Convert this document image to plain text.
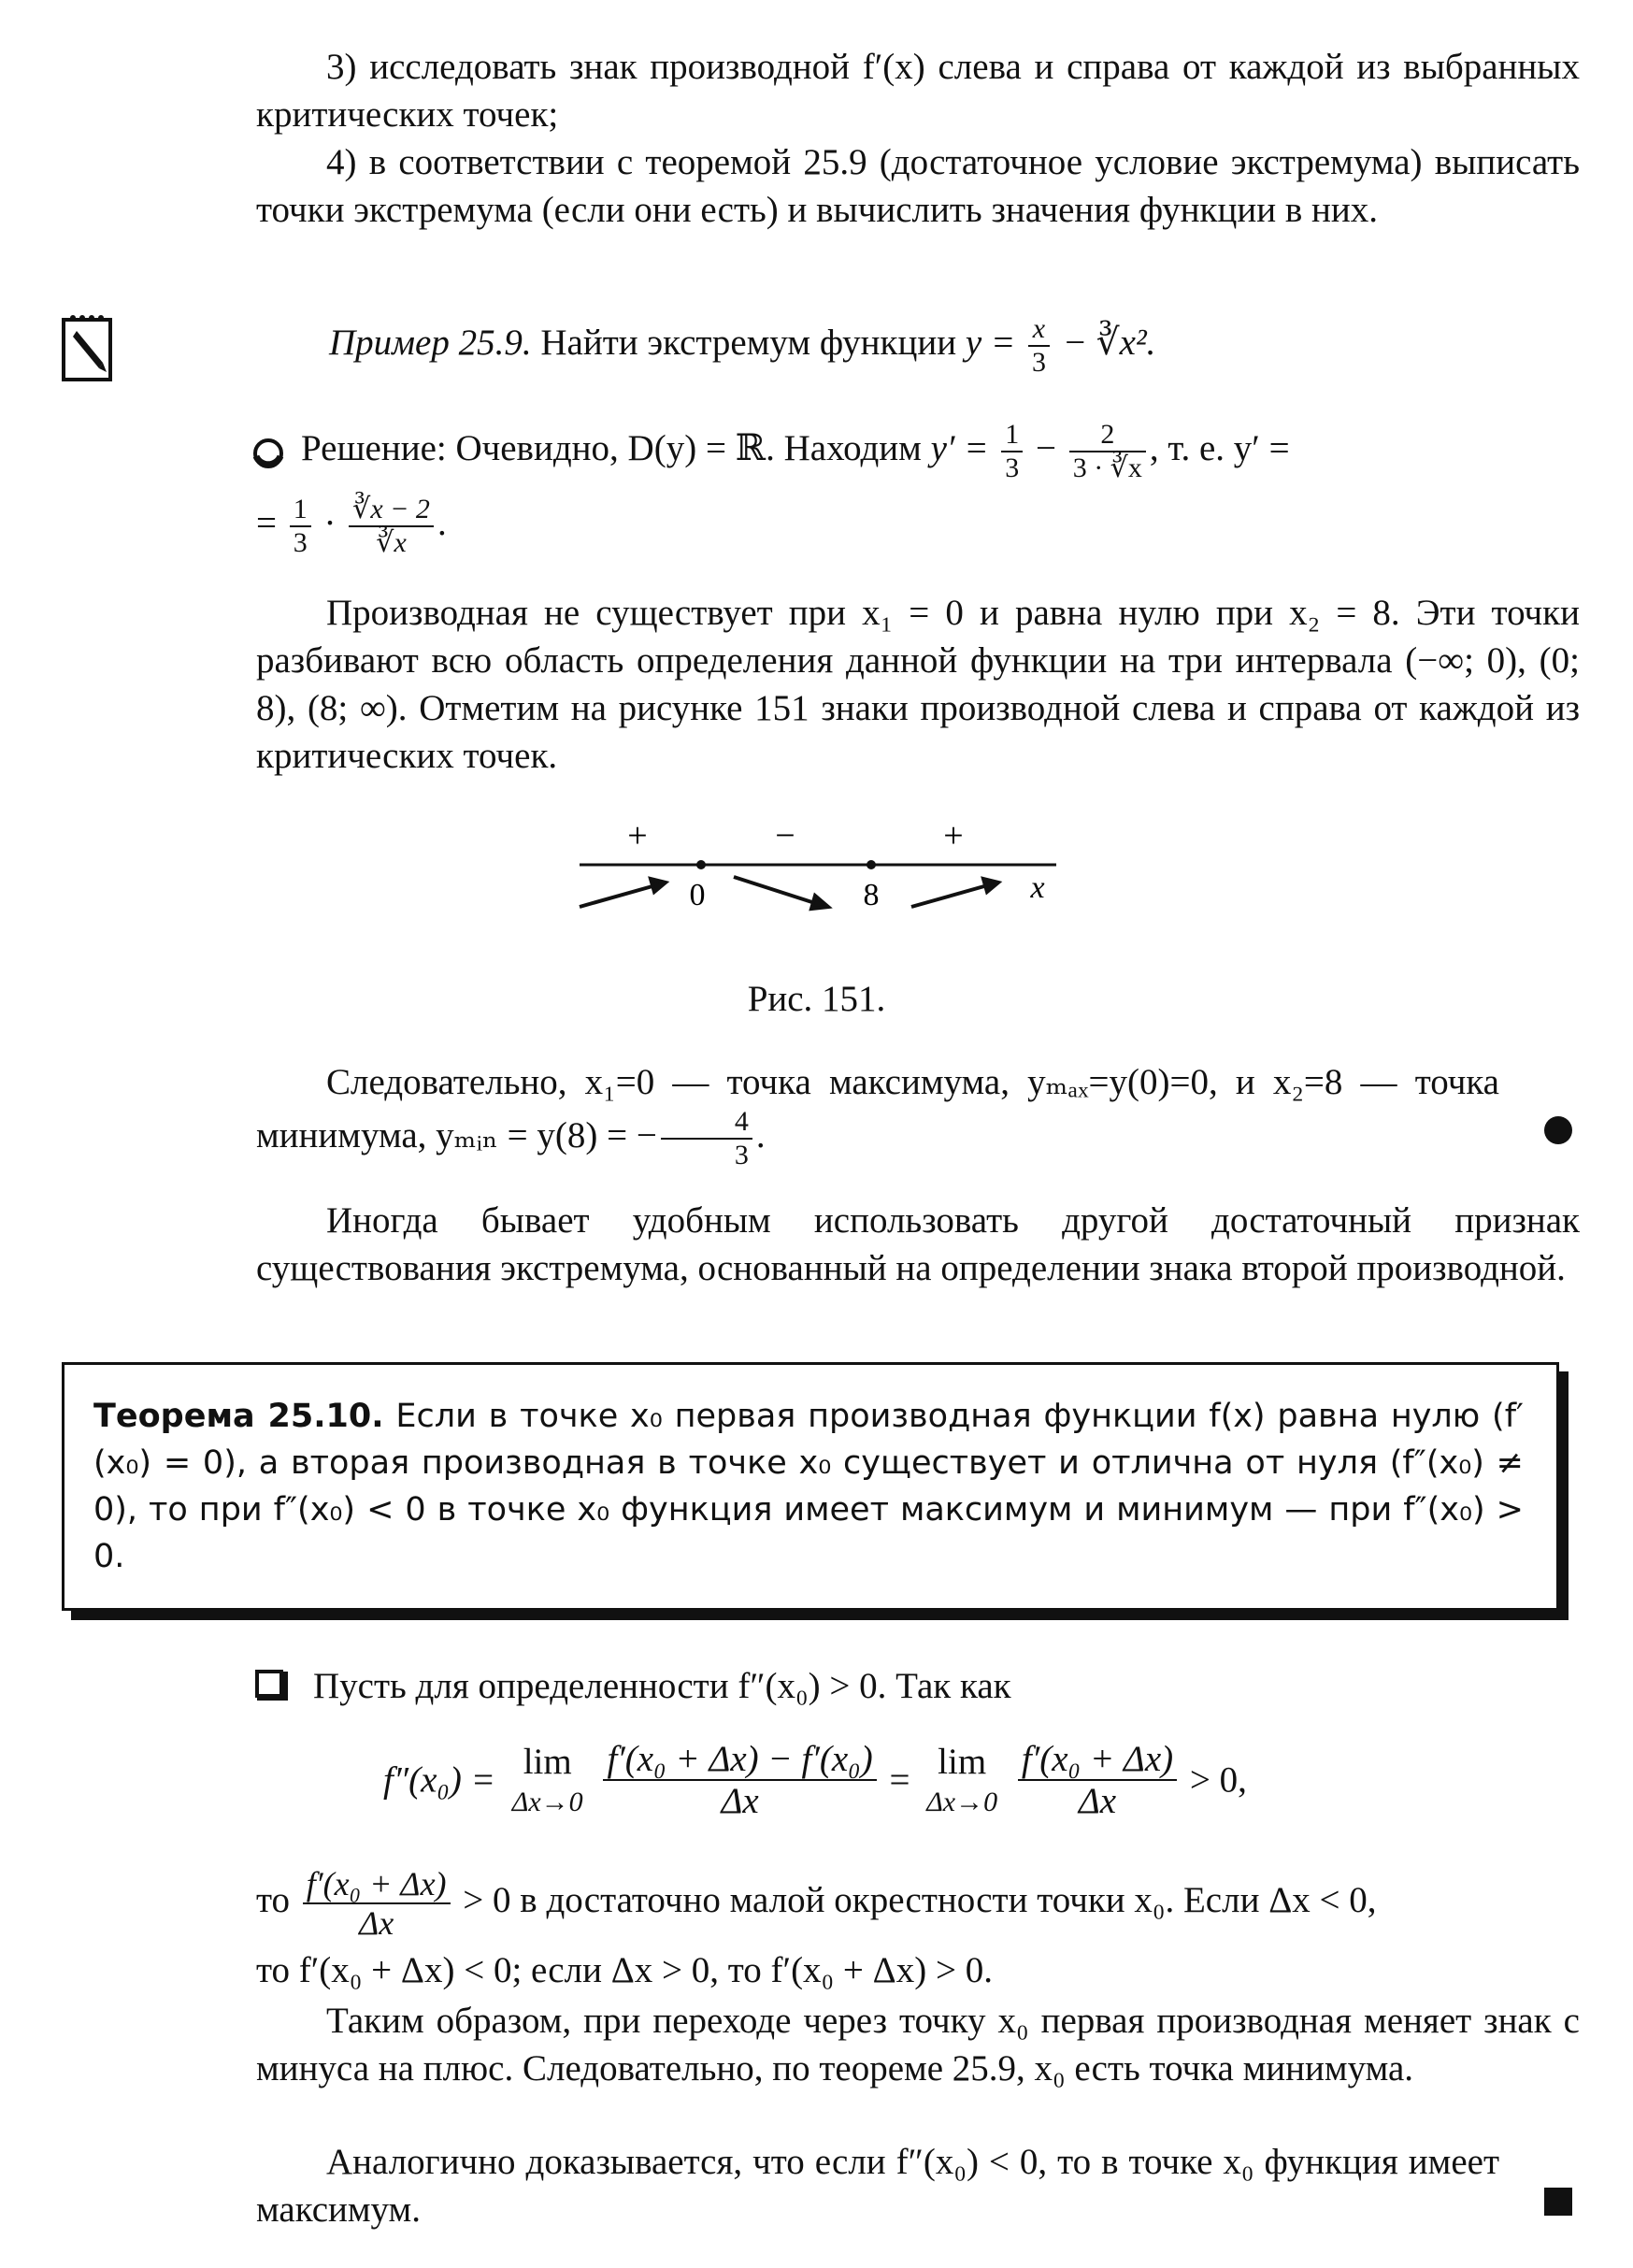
3) исследовать знак производной f′(x) слева и справа от каждой из выбранных критических точек;
4) в соответствии с теоремой 25.9 (достаточное условие экстремума) выписать точки экстремума (если они есть) и вычислить значения функции в них.
Пример 25.9. Найти экстремум функции $y = \frac{x}{3}$ − ∛x².
Решение: Очевидно, D(y) = ℝ. Находим $y' = \frac{1}{3} - \frac{2}{3 \cdot ∛x}$ , т. е. y′ =
= $\frac{1}{3} \cdot \frac{∛x - 2}{∛x}$ .
Производная не существует при x₁ = 0 и равна нулю при x₂ = 8. Эти точки разбивают всю область определения данной функции на три интервала (−∞; 0), (0; 8), (8; ∞). Отметим на рисунке 151 знаки производной слева и справа от каждой из критических точек.
+	−	+
0	8	x
Рис. 151.
Следовательно, x₁=0 — точка максимума, yₘₐₓ=y(0)=0, и x₂=8 — точка минимума, yₘᵢₙ = y(8) = − $\frac{4}{3}$ .
Иногда бывает удобным использовать другой достаточный признак существования экстремума, основанный на определении знака второй производной.
Теорема 25.10. Если в точке x₀ первая производная функции f(x) равна нулю (f′(x₀) = 0), а вторая производная в точке x₀ существует и отлична от нуля (f″(x₀) ≠ 0), то при f″(x₀) < 0 в точке x₀ функция имеет максимум и минимум — при f″(x₀) > 0.
Пусть для определенности f″(x₀) > 0. Так как
f″(x₀) = lim
Δx→0
$\frac{\text{f′(x₀ + Δx) − f′(x₀)}}{\Delta x} = \lim$
Δx→0
$\frac{\text{f′(x₀ + Δx)}}{\Delta x} > 0$,
то $\frac{\text{f′(x₀ + Δx)}}{\Delta x} > 0$ в достаточно малой окрестности точки x₀. Если Δx < 0,
то f′(x₀ + Δx) < 0; если Δx > 0, то f′(x₀ + Δx) > 0.
Таким образом, при переходе через точку x₀ первая производная меняет знак с минуса на плюс. Следовательно, по теореме 25.9, x₀ есть точка минимума.
Аналогично доказывается, что если f″(x₀) < 0, то в точке x₀ функция имеет максимум.
